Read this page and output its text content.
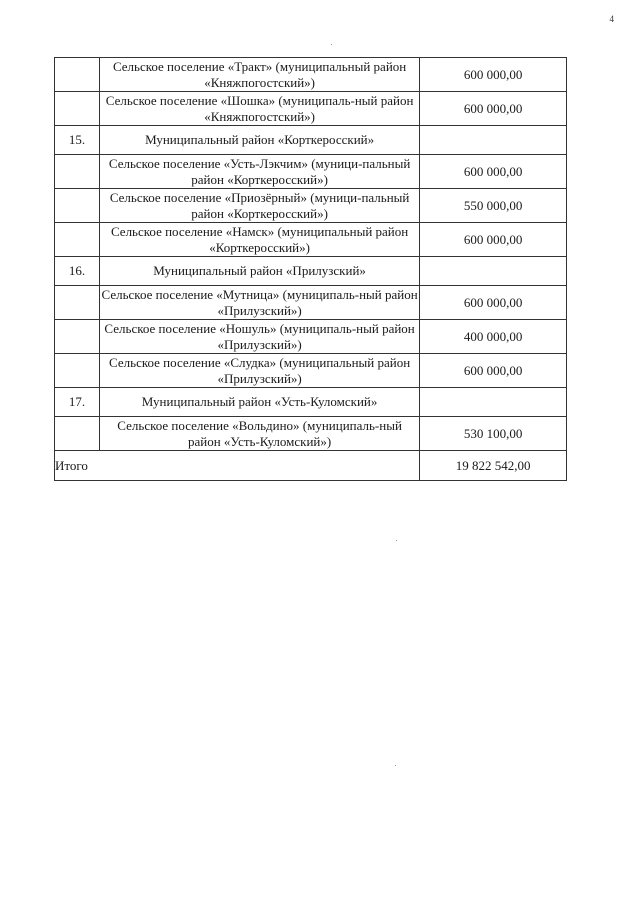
4
	Сельское поселение «Тракт» (муниципальный район «Княжпогостский»)	600 000,00
	Сельское поселение «Шошка» (муниципаль-ный район «Княжпогостский»)	600 000,00
15.	Муниципальный район «Корткеросский»	
	Сельское поселение «Усть-Лэкчим» (муници-пальный район «Корткеросский»)	600 000,00
	Сельское поселение «Приозёрный» (муници-пальный район «Корткеросский»)	550 000,00
	Сельское поселение «Намск» (муниципальный район «Корткеросский»)	600 000,00
16.	Муниципальный район «Прилузский»	
	Сельское поселение «Мутница» (муниципаль-ный район «Прилузский»)	600 000,00
	Сельское поселение «Ношуль» (муниципаль-ный район «Прилузский»)	400 000,00
	Сельское поселение «Слудка» (муниципальный район «Прилузский»)	600 000,00
17.	Муниципальный район «Усть-Куломский»	
	Сельское поселение «Вольдино» (муниципаль-ный район «Усть-Куломский»)	530 100,00
Итого		19 822 542,00
